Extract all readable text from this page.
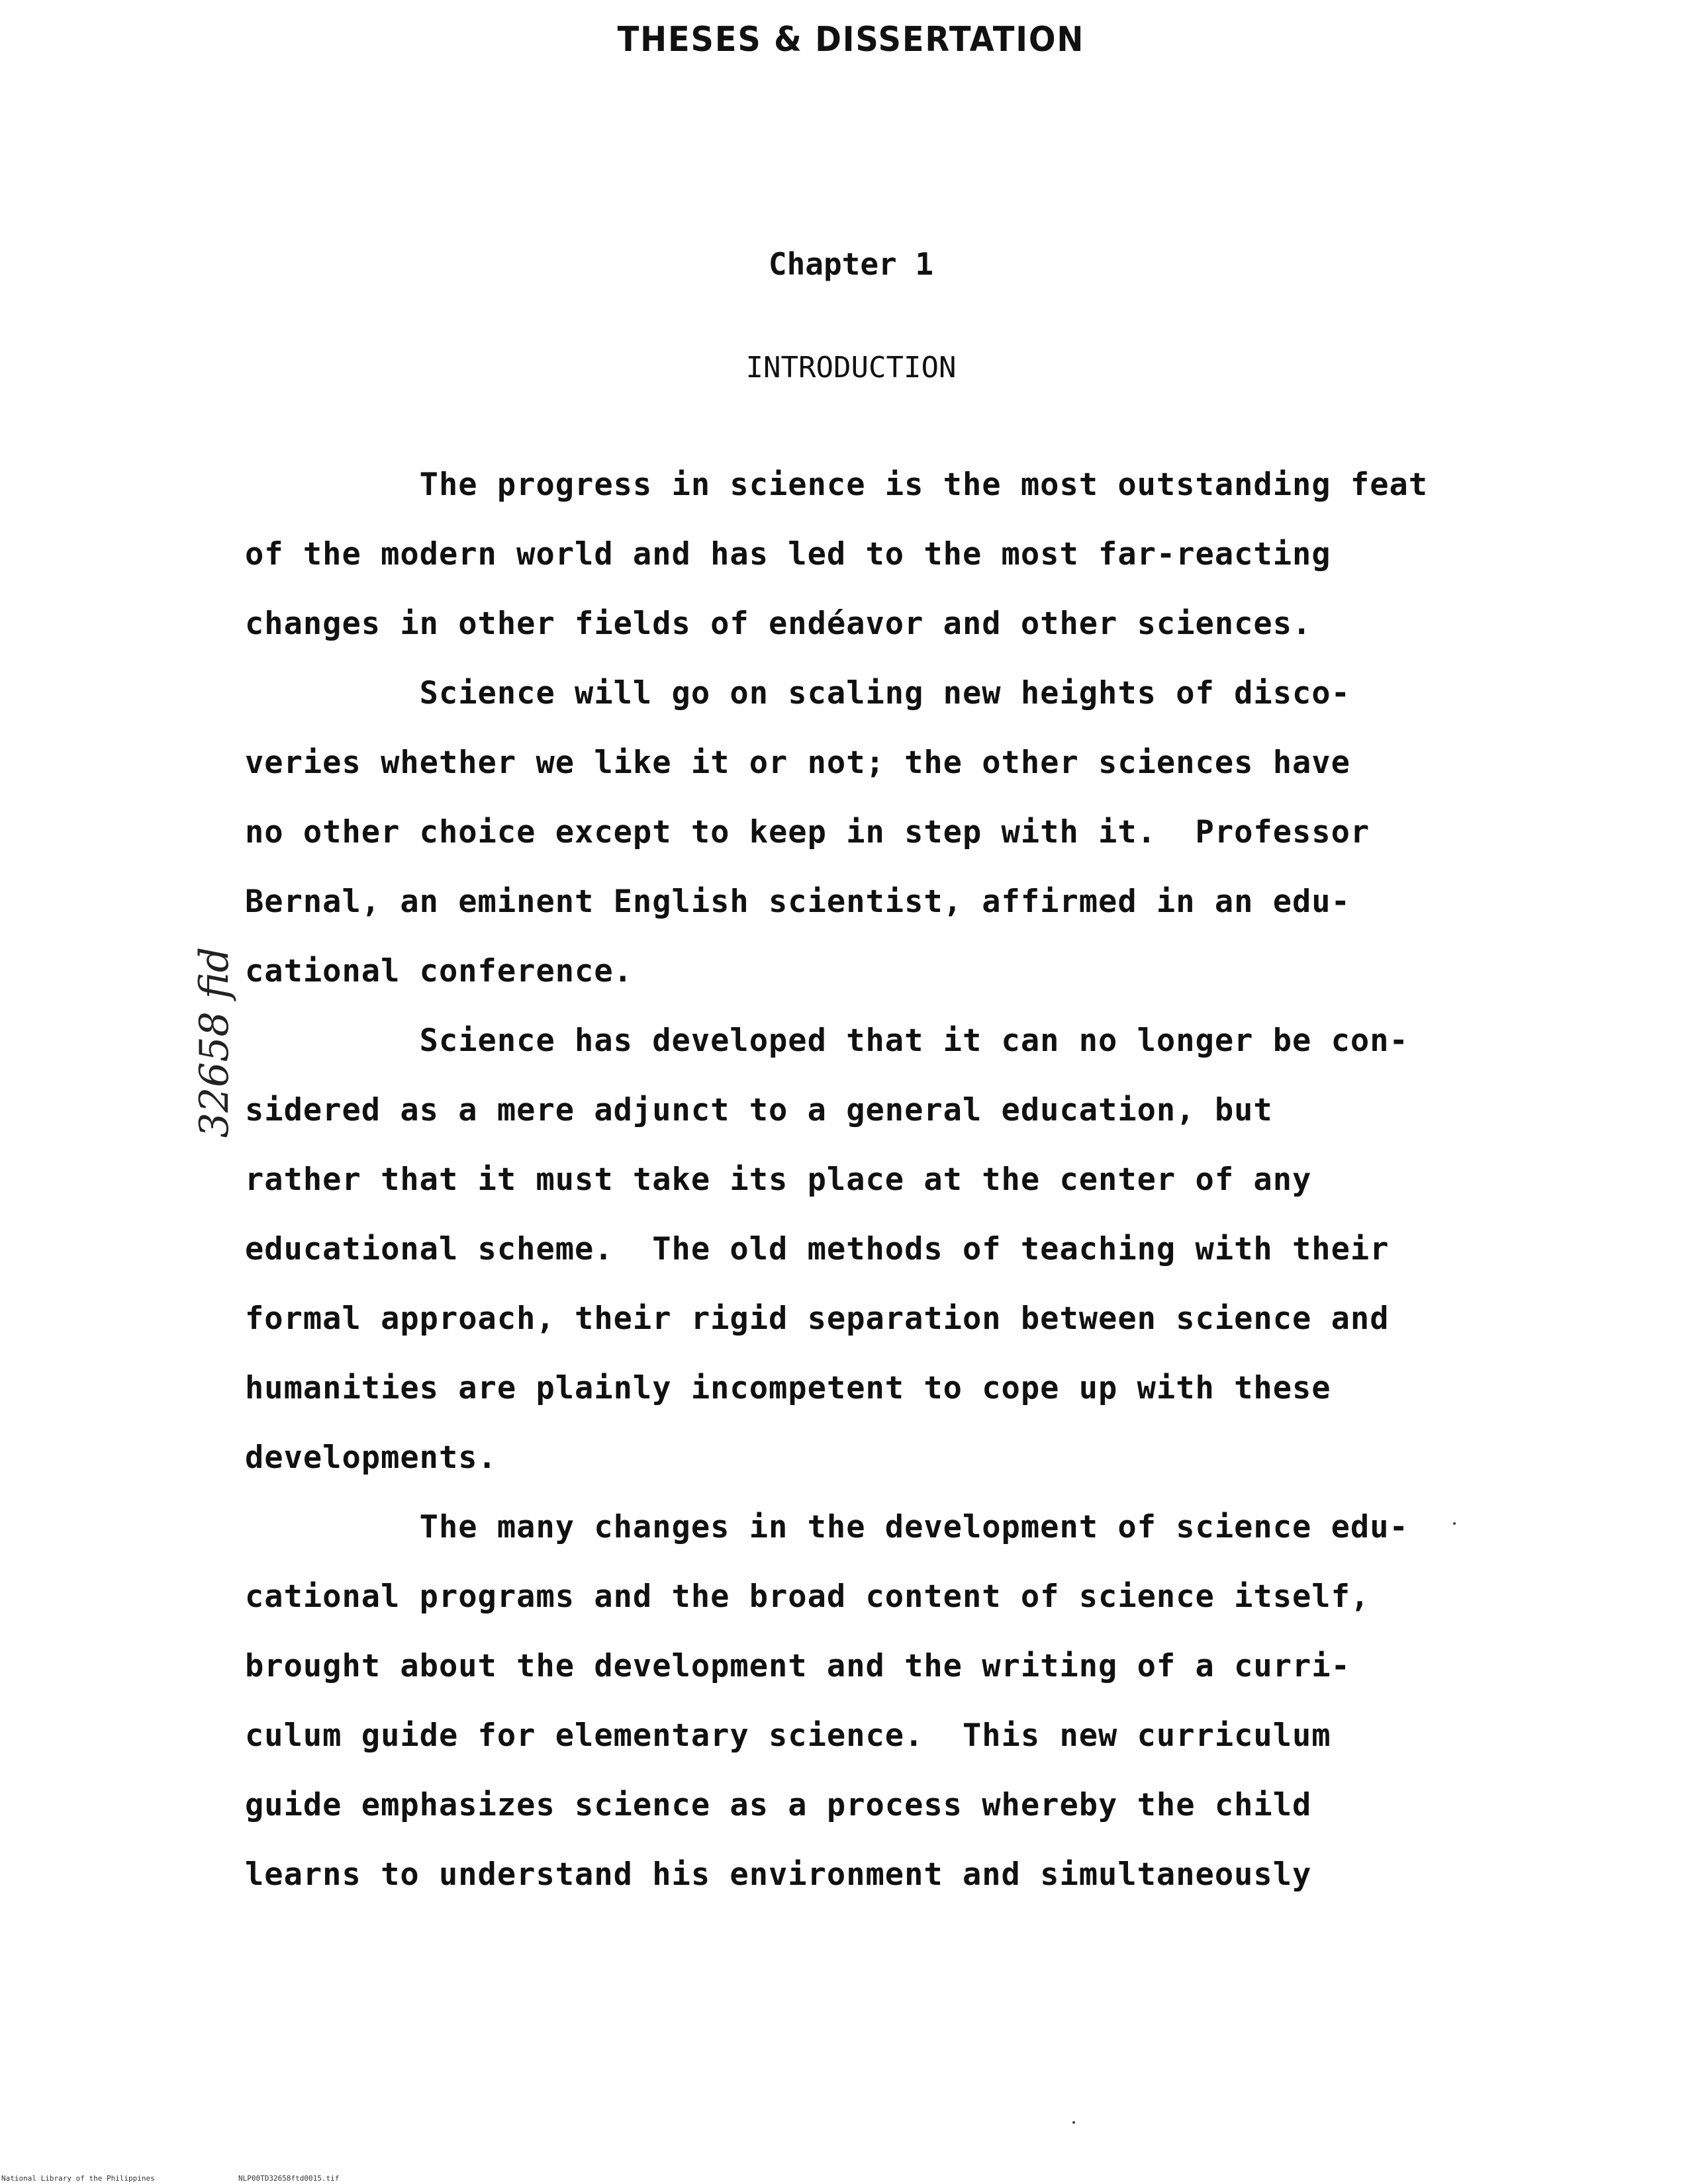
THESES & DISSERTATION
Chapter 1
INTRODUCTION
The progress in science is the most outstanding feat
of the modern world and has led to the most far-reacting
changes in other fields of endéavor and other sciences.
Science will go on scaling new heights of disco-
veries whether we like it or not; the other sciences have
no other choice except to keep in step with it.  Professor
Bernal, an eminent English scientist, affirmed in an edu-
cational conference.
Science has developed that it can no longer be con-
sidered as a mere adjunct to a general education, but
rather that it must take its place at the center of any
educational scheme.  The old methods of teaching with their
formal approach, their rigid separation between science and
humanities are plainly incompetent to cope up with these
developments.
The many changes in the development of science edu-
cational programs and the broad content of science itself,
brought about the development and the writing of a curri-
culum guide for elementary science.  This new curriculum
guide emphasizes science as a process whereby the child
learns to understand his environment and simultaneously
32658 fid
National Library of the Philippines	NLP00TD32658ftd0015.tif
